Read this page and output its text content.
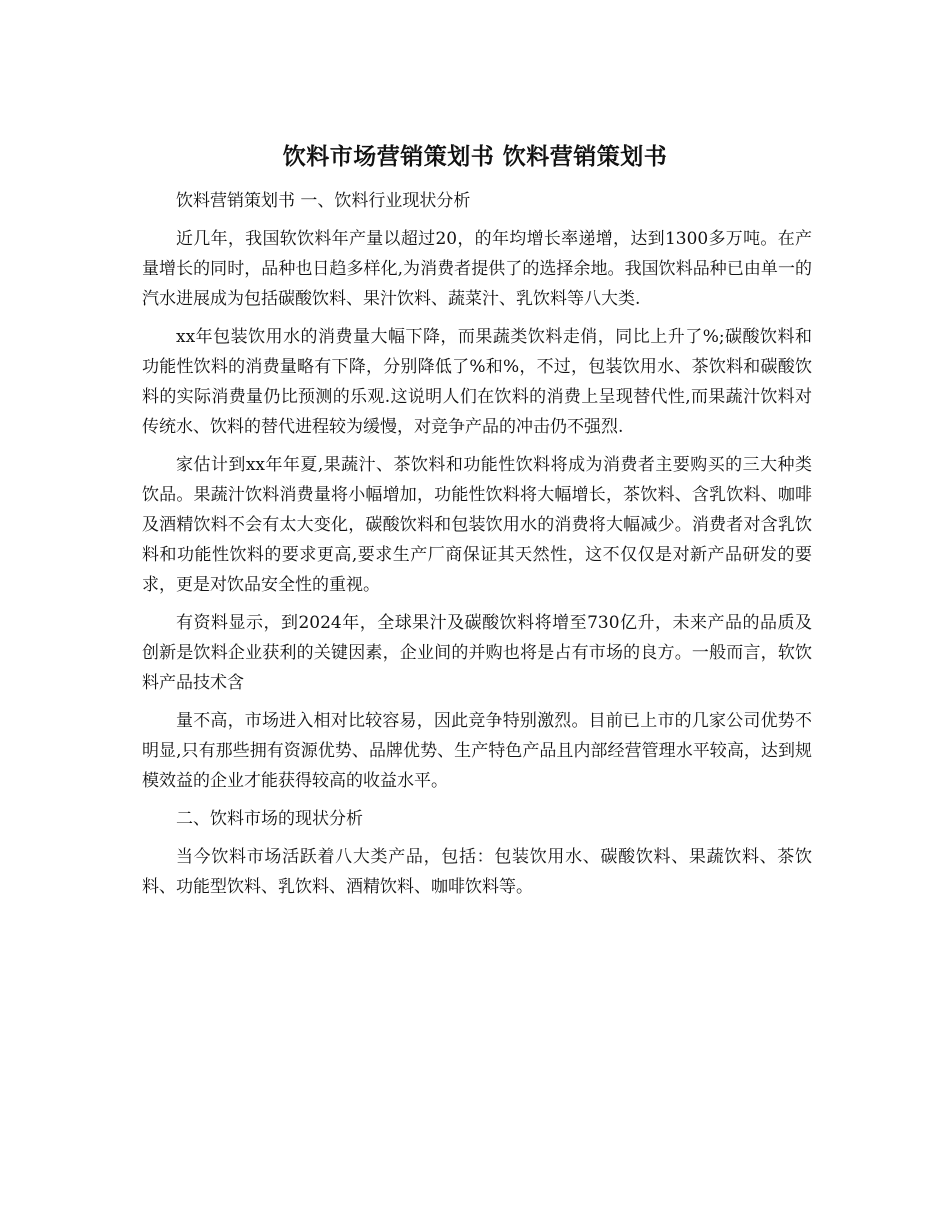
饮料市场营销策划书 饮料营销策划书

饮料营销策划书 一、饮料行业现状分析

近几年，我国软饮料年产量以超过20，的年均增长率递增，达到1300多万吨。在产量增长的同时，品种也日趋多样化,为消费者提供了的选择余地。我国饮料品种已由单一的汽水进展成为包括碳酸饮料、果汁饮料、蔬菜汁、乳饮料等八大类.

xx年包装饮用水的消费量大幅下降，而果蔬类饮料走俏，同比上升了%;碳酸饮料和功能性饮料的消费量略有下降，分别降低了%和%，不过，包装饮用水、茶饮料和碳酸饮料的实际消费量仍比预测的乐观.这说明人们在饮料的消费上呈现替代性,而果蔬汁饮料对传统水、饮料的替代进程较为缓慢，对竞争产品的冲击仍不强烈.

家估计到xx年年夏,果蔬汁、茶饮料和功能性饮料将成为消费者主要购买的三大种类饮品。果蔬汁饮料消费量将小幅增加，功能性饮料将大幅增长，茶饮料、含乳饮料、咖啡及酒精饮料不会有太大变化，碳酸饮料和包装饮用水的消费将大幅减少。消费者对含乳饮料和功能性饮料的要求更高,要求生产厂商保证其天然性，这不仅仅是对新产品研发的要求，更是对饮品安全性的重视。

有资料显示，到2024年，全球果汁及碳酸饮料将增至730亿升，未来产品的品质及创新是饮料企业获利的关键因素，企业间的并购也将是占有市场的良方。一般而言，软饮料产品技术含

量不高，市场进入相对比较容易，因此竞争特别激烈。目前已上市的几家公司优势不明显,只有那些拥有资源优势、品牌优势、生产特色产品且内部经营管理水平较高，达到规模效益的企业才能获得较高的收益水平。

二、饮料市场的现状分析

当今饮料市场活跃着八大类产品，包括：包装饮用水、碳酸饮料、果蔬饮料、茶饮料、功能型饮料、乳饮料、酒精饮料、咖啡饮料等。
